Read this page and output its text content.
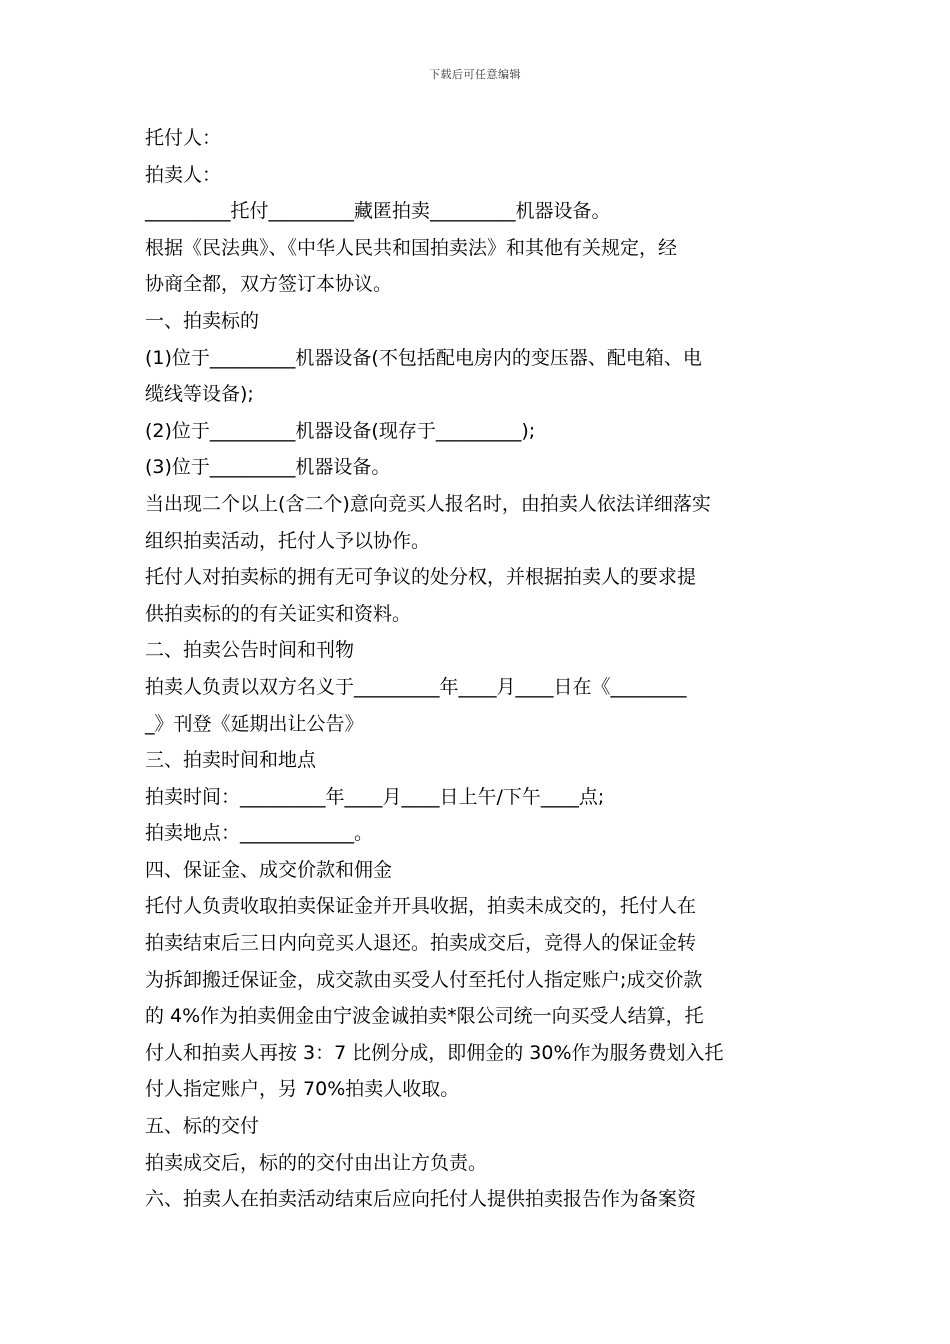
下载后可任意编辑
托付人：
拍卖人：
_________托付_________藏匿拍卖_________机器设备。
根据《民法典》、《中华人民共和国拍卖法》和其他有关规定，经
协商全都，双方签订本协议。
一、拍卖标的
(1)位于_________机器设备(不包括配电房内的变压器、配电箱、电
缆线等设备);
(2)位于_________机器设备(现存于_________);
(3)位于_________机器设备。
当出现二个以上(含二个)意向竞买人报名时，由拍卖人依法详细落实
组织拍卖活动，托付人予以协作。
托付人对拍卖标的拥有无可争议的处分权，并根据拍卖人的要求提
供拍卖标的的有关证实和资料。
二、拍卖公告时间和刊物
拍卖人负责以双方名义于_________年____月____日在《________
_》刊登《延期出让公告》
三、拍卖时间和地点
拍卖时间：_________年____月____日上午/下午____点;
拍卖地点：____________。
四、保证金、成交价款和佣金
托付人负责收取拍卖保证金并开具收据，拍卖未成交的，托付人在
拍卖结束后三日内向竞买人退还。拍卖成交后，竞得人的保证金转
为拆卸搬迁保证金，成交款由买受人付至托付人指定账户;成交价款
的 4%作为拍卖佣金由宁波金诚拍卖*限公司统一向买受人结算，托
付人和拍卖人再按 3：7 比例分成，即佣金的 30%作为服务费划入托
付人指定账户，另 70%拍卖人收取。
五、标的交付
拍卖成交后，标的的交付由出让方负责。
六、拍卖人在拍卖活动结束后应向托付人提供拍卖报告作为备案资
